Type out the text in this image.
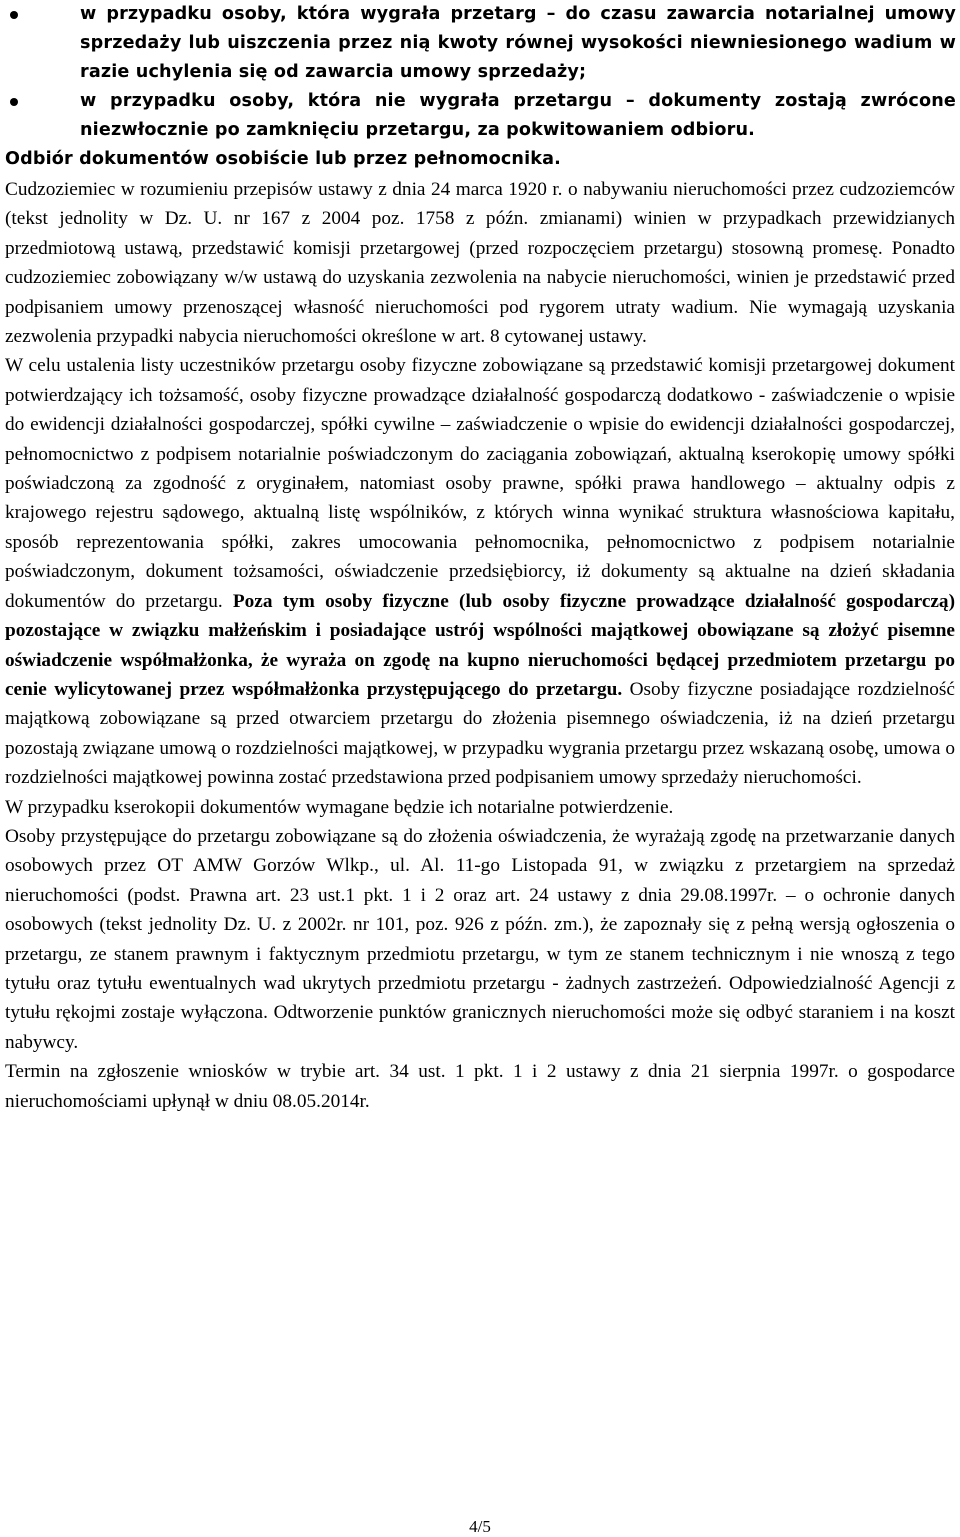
w przypadku osoby, która wygrała przetarg – do czasu zawarcia notarialnej umowy sprzedaży lub uiszczenia przez nią kwoty równej wysokości niewniesionego wadium w razie uchylenia się od zawarcia umowy sprzedaży;
w przypadku osoby, która nie wygrała przetargu – dokumenty zostają zwrócone niezwłocznie po zamknięciu przetargu, za pokwitowaniem odbioru.
Odbiór dokumentów osobiście lub przez pełnomocnika.

Cudzoziemiec w rozumieniu przepisów ustawy z dnia 24 marca 1920 r. o nabywaniu nieruchomości przez cudzoziemców (tekst jednolity w Dz. U. nr 167 z 2004 poz. 1758 z późn. zmianami) winien w przypadkach przewidzianych przedmiotową ustawą, przedstawić komisji przetargowej (przed rozpoczęciem przetargu) stosowną promesę. Ponadto cudzoziemiec zobowiązany w/w ustawą do uzyskania zezwolenia na nabycie nieruchomości, winien je przedstawić przed podpisaniem umowy przenoszącej własność nieruchomości pod rygorem utraty wadium. Nie wymagają uzyskania zezwolenia przypadki nabycia nieruchomości określone w art. 8 cytowanej ustawy.

W celu ustalenia listy uczestników przetargu osoby fizyczne zobowiązane są przedstawić komisji przetargowej dokument potwierdzający ich tożsamość, osoby fizyczne prowadzące działalność gospodarczą dodatkowo - zaświadczenie o wpisie do ewidencji działalności gospodarczej, spółki cywilne – zaświadczenie o wpisie do ewidencji działalności gospodarczej, pełnomocnictwo z podpisem notarialnie poświadczonym do zaciągania zobowiązań, aktualną kserokopię umowy spółki poświadczoną za zgodność z oryginałem, natomiast osoby prawne, spółki prawa handlowego – aktualny odpis z krajowego rejestru sądowego, aktualną listę wspólników, z których winna wynikać struktura własnościowa kapitału, sposób reprezentowania spółki, zakres umocowania pełnomocnika, pełnomocnictwo z podpisem notarialnie poświadczonym, dokument tożsamości, oświadczenie przedsiębiorcy, iż dokumenty są aktualne na dzień składania dokumentów do przetargu. Poza tym osoby fizyczne (lub osoby fizyczne prowadzące działalność gospodarczą) pozostające w związku małżeńskim i posiadające ustrój wspólności majątkowej obowiązane są złożyć pisemne oświadczenie współmałżonka, że wyraża on zgodę na kupno nieruchomości będącej przedmiotem przetargu po cenie wylicytowanej przez współmałżonka przystępującego do przetargu. Osoby fizyczne posiadające rozdzielność majątkową zobowiązane są przed otwarciem przetargu do złożenia pisemnego oświadczenia, iż na dzień przetargu pozostają związane umową o rozdzielności majątkowej, w przypadku wygrania przetargu przez wskazaną osobę, umowa o rozdzielności majątkowej powinna zostać przedstawiona przed podpisaniem umowy sprzedaży nieruchomości.

W przypadku kserokopii dokumentów wymagane będzie ich notarialne potwierdzenie.

Osoby przystępujące do przetargu zobowiązane są do złożenia oświadczenia, że wyrażają zgodę na przetwarzanie danych osobowych przez OT AMW Gorzów Wlkp., ul. Al. 11-go Listopada 91, w związku z przetargiem na sprzedaż nieruchomości (podst. Prawna art. 23 ust.1 pkt. 1 i 2 oraz art. 24 ustawy z dnia 29.08.1997r. – o ochronie danych osobowych (tekst jednolity Dz. U. z 2002r. nr 101, poz. 926 z późn. zm.), że zapoznały się z pełną wersją ogłoszenia o przetargu, ze stanem prawnym i faktycznym przedmiotu przetargu, w tym ze stanem technicznym i nie wnoszą z tego tytułu oraz tytułu ewentualnych wad ukrytych przedmiotu przetargu - żadnych zastrzeżeń. Odpowiedzialność Agencji z tytułu rękojmi zostaje wyłączona. Odtworzenie punktów granicznych nieruchomości może się odbyć staraniem i na koszt nabywcy.

Termin na zgłoszenie wniosków w trybie art. 34 ust. 1 pkt. 1 i 2 ustawy z dnia 21 sierpnia 1997r. o gospodarce nieruchomościami upłynął w dniu 08.05.2014r.

4/5
